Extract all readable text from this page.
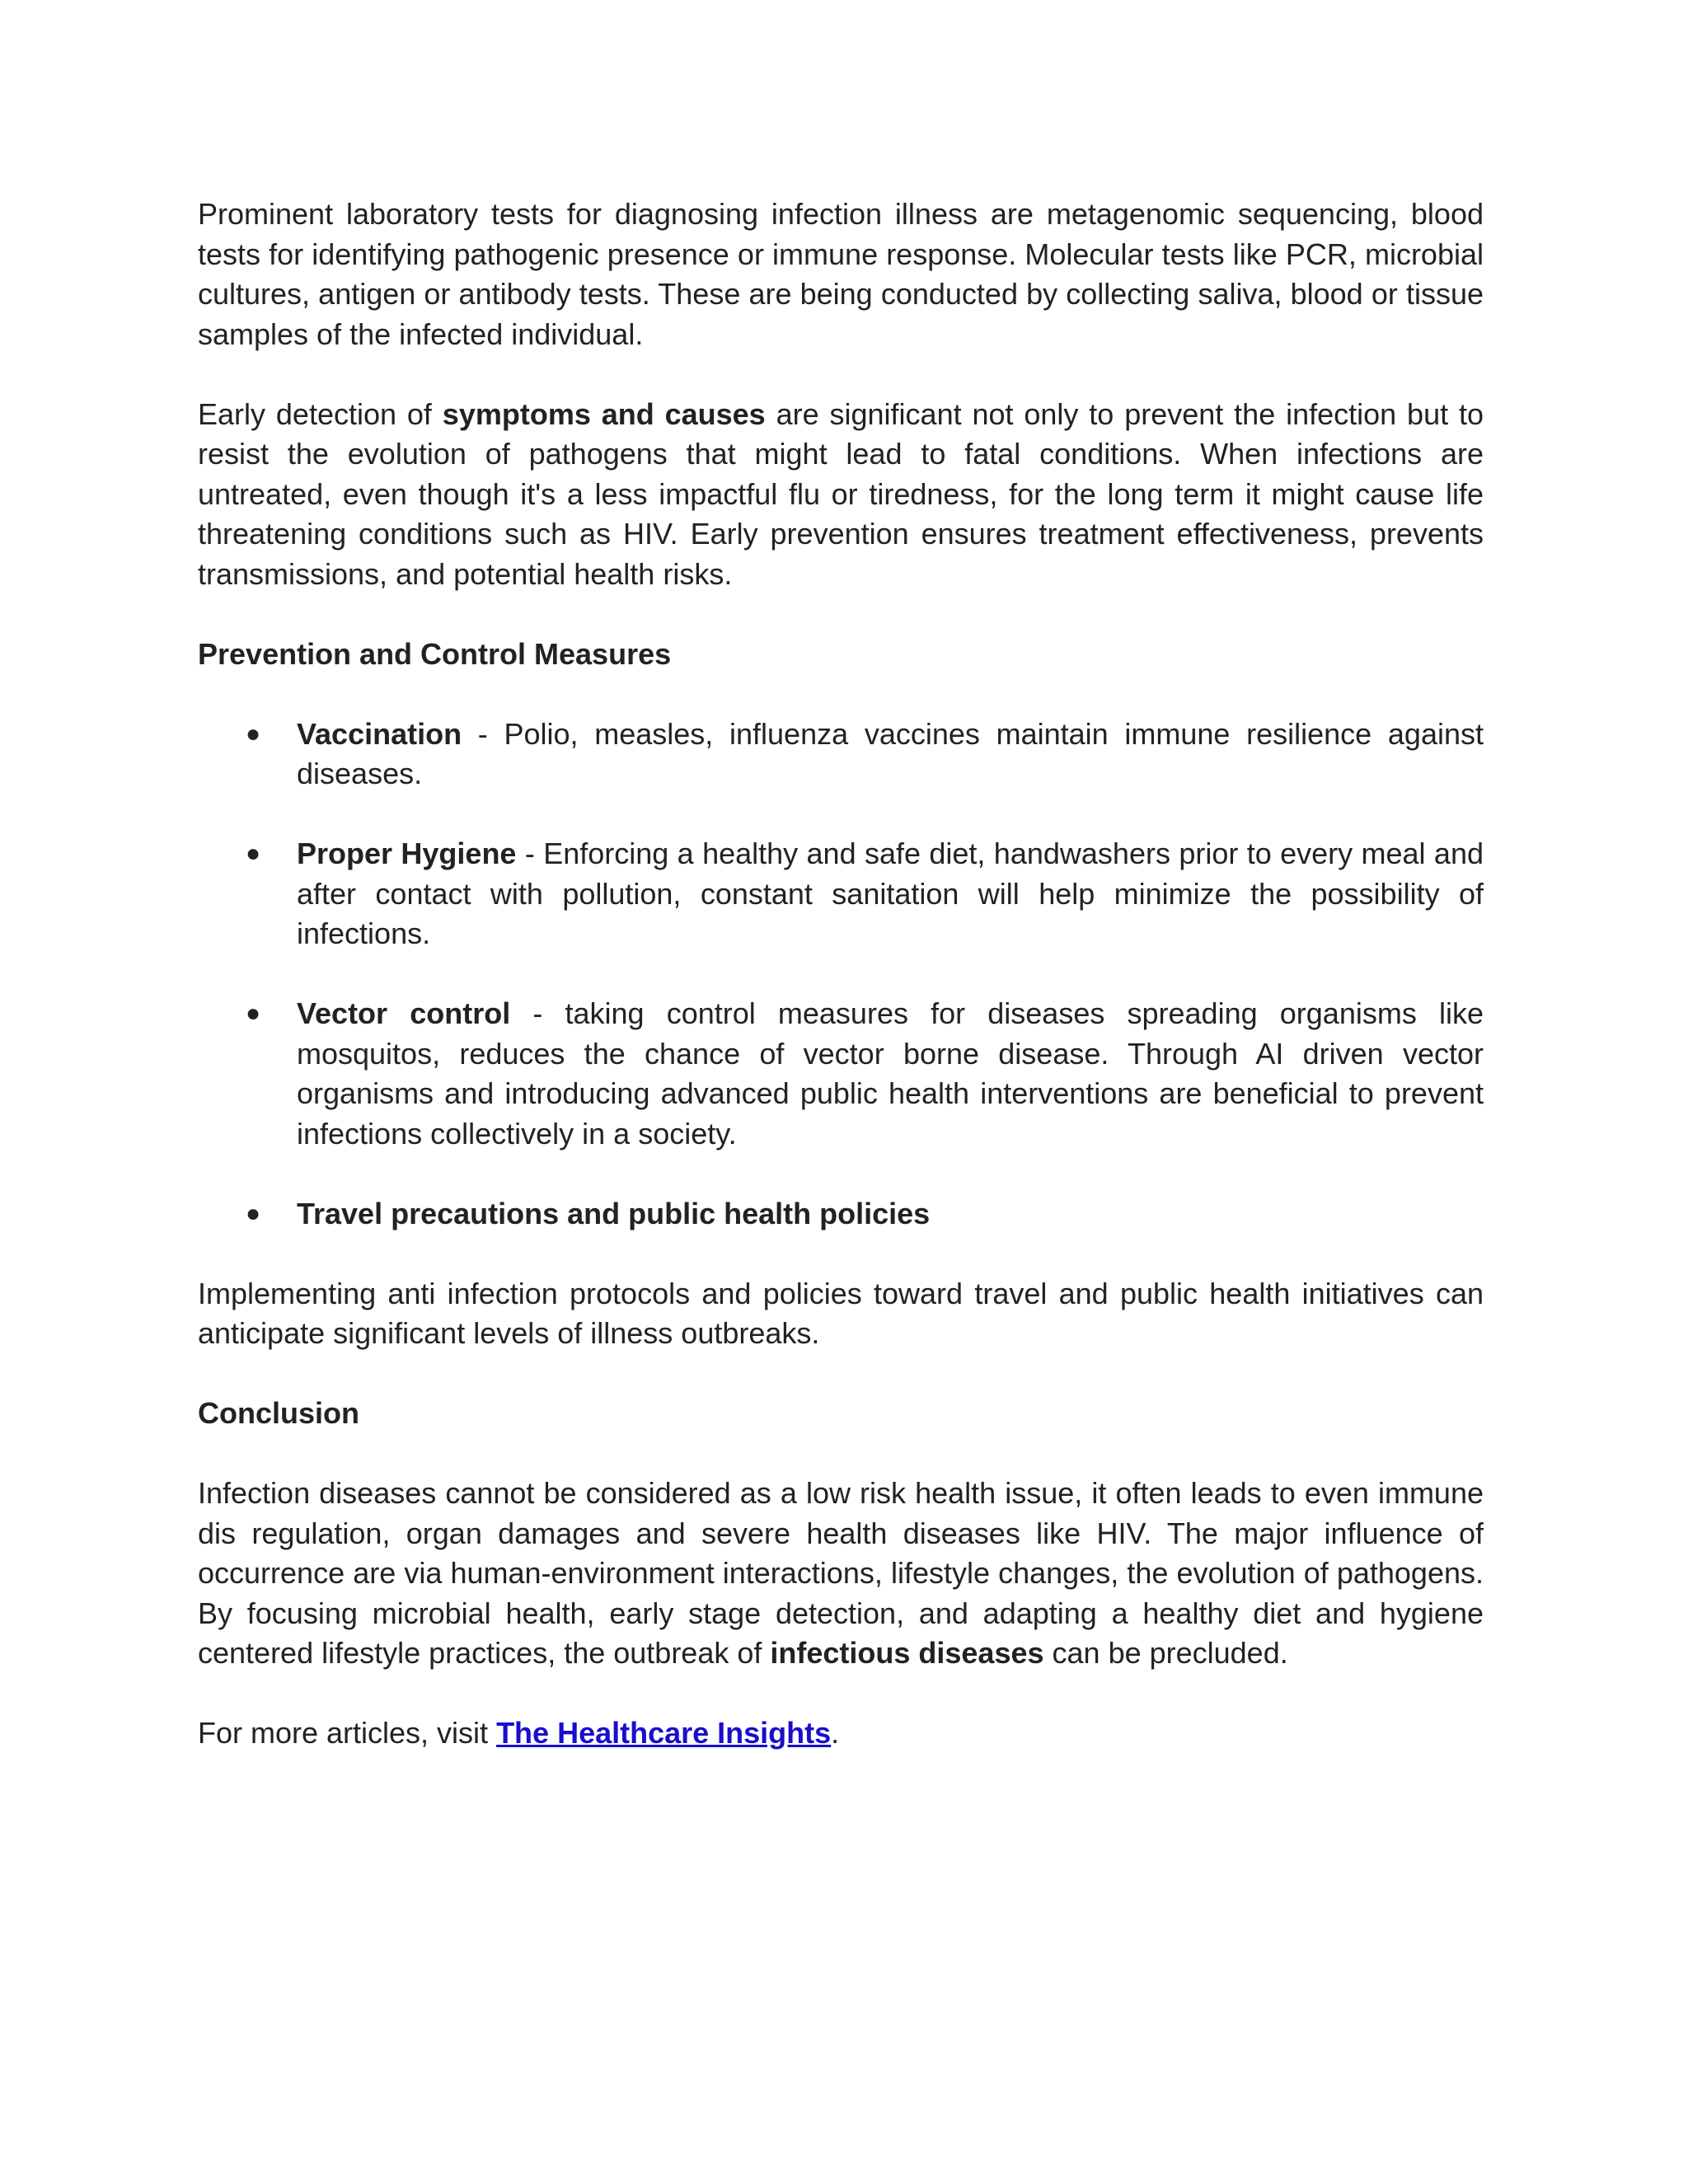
Prominent laboratory tests for diagnosing infection illness are metagenomic sequencing, blood tests for identifying pathogenic presence or immune response. Molecular tests like PCR, microbial cultures, antigen or antibody tests. These are being conducted by collecting saliva, blood or tissue samples of the infected individual.

Early detection of symptoms and causes are significant not only to prevent the infection but to resist the evolution of pathogens that might lead to fatal conditions. When infections are untreated, even though it's a less impactful flu or tiredness, for the long term it might cause life threatening conditions such as HIV. Early prevention ensures treatment effectiveness, prevents transmissions, and potential health risks.

Prevention and Control Measures
● Vaccination - Polio, measles, influenza vaccines maintain immune resilience against diseases.
● Proper Hygiene - Enforcing a healthy and safe diet, handwashers prior to every meal and after contact with pollution, constant sanitation will help minimize the possibility of infections.
● Vector control - taking control measures for diseases spreading organisms like mosquitos, reduces the chance of vector borne disease. Through AI driven vector organisms and introducing advanced public health interventions are beneficial to prevent infections collectively in a society.
● Travel precautions and public health policies

Implementing anti infection protocols and policies toward travel and public health initiatives can anticipate significant levels of illness outbreaks.

Conclusion

Infection diseases cannot be considered as a low risk health issue, it often leads to even immune dis regulation, organ damages and severe health diseases like HIV. The major influence of occurrence are via human-environment interactions, lifestyle changes, the evolution of pathogens. By focusing microbial health, early stage detection, and adapting a healthy diet and hygiene centered lifestyle practices, the outbreak of infectious diseases can be precluded.

For more articles, visit The Healthcare Insights.
